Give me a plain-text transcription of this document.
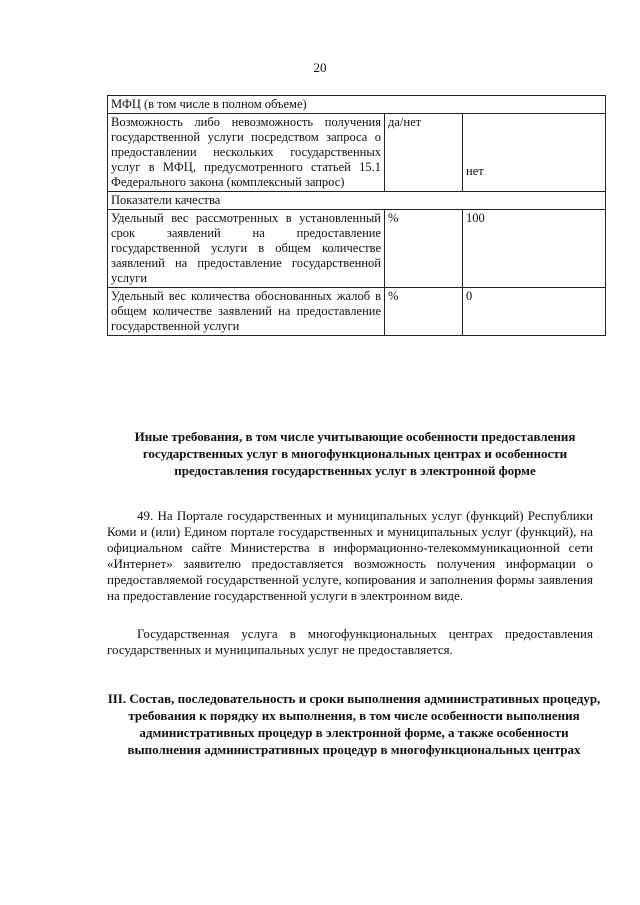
20
МФЦ (в том числе в полном объеме)		
Возможность либо невозможность получения государственной услуги посредством запроса о предоставлении нескольких государственных услуг в МФЦ, предусмотренного статьей 15.1 Федерального закона (комплексный запрос)	да/нет	нет
Показатели качества		
Удельный вес рассмотренных в установленный срок заявлений на предоставление государственной услуги в общем количестве заявлений на предоставление государственной услуги	%	100
Удельный вес количества обоснованных жалоб в общем количестве заявлений на предоставление государственной услуги	%	0
Иные требования, в том числе учитывающие особенности предоставления государственных услуг в многофункциональных центрах и особенности предоставления государственных услуг в электронной форме
49. На Портале государственных и муниципальных услуг (функций) Республики Коми и (или) Едином портале государственных и муниципальных услуг (функций), на официальном сайте Министерства в информационно-телекоммуникационной сети «Интернет» заявителю предоставляется возможность получения информации о предоставляемой государственной услуге, копирования и заполнения формы заявления на предоставление государственной услуги в электронном виде.
Государственная услуга в многофункциональных центрах предоставления государственных и муниципальных услуг не предоставляется.
III. Состав, последовательность и сроки выполнения административных процедур, требования к порядку их выполнения, в том числе особенности выполнения административных процедур в электронной форме, а также особенности выполнения административных процедур в многофункциональных центрах
